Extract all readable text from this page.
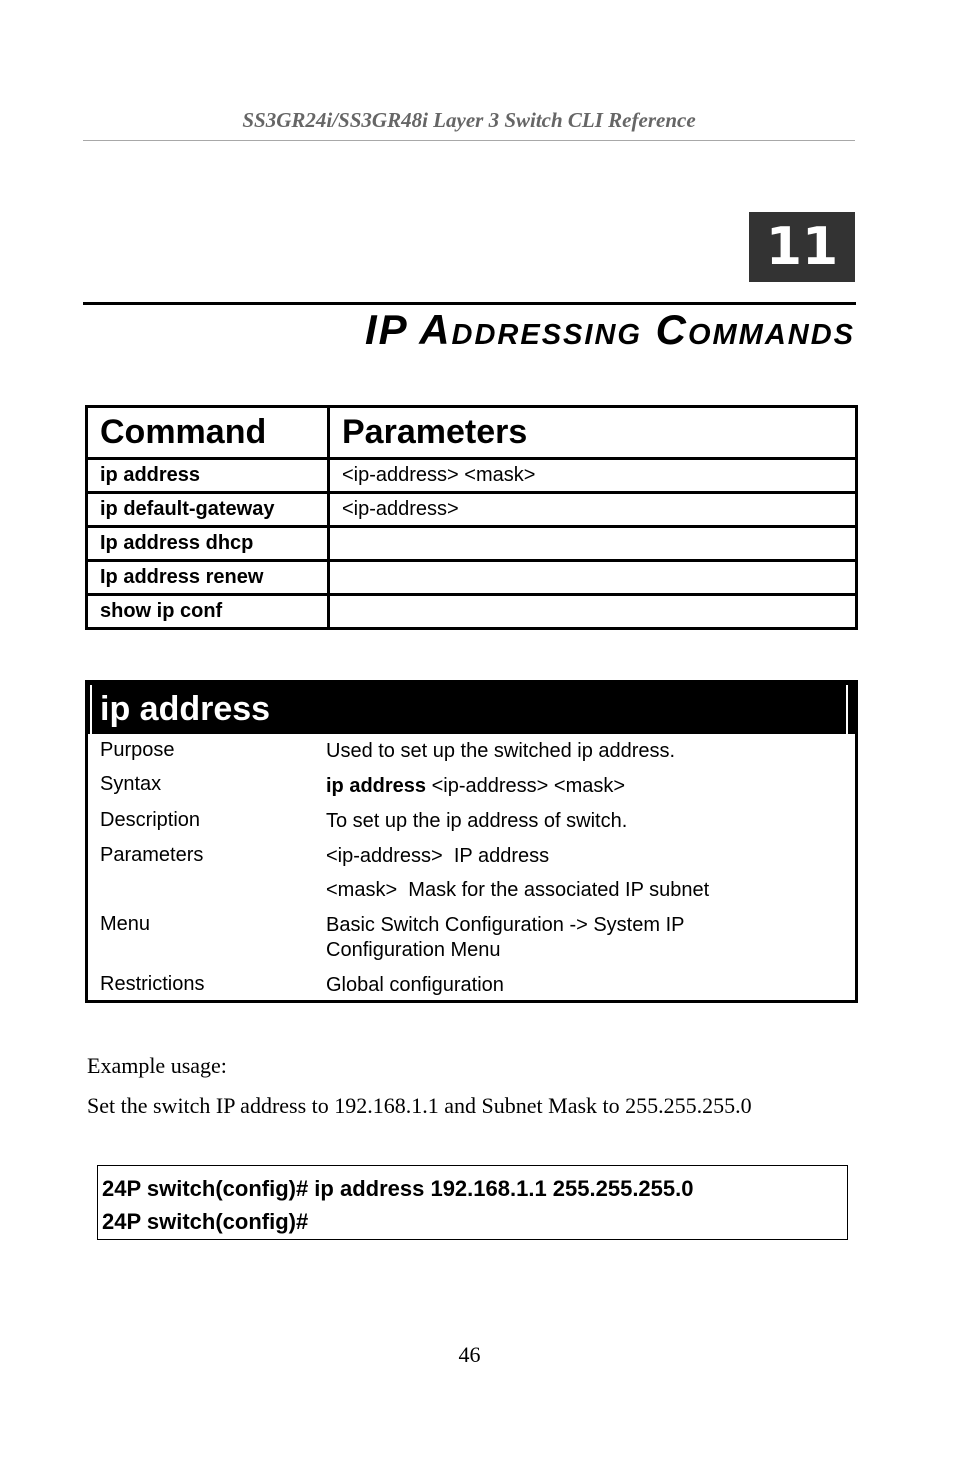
SS3GR24i/SS3GR48i Layer 3 Switch CLI Reference
11
IP Addressing Commands
Command	Parameters
ip address	<ip-address> <mask>
ip default-gateway	<ip-address>
Ip address dhcp	
Ip address renew	
show ip conf	
ip address
Purpose	Used to set up the switched ip address.
Syntax	ip address <ip-address> <mask>
Description	To set up the ip address of switch.
Parameters	<ip-address> IP address
<mask> Mask for the associated IP subnet
Menu	Basic Switch Configuration -> System IP
Configuration Menu
Restrictions	Global configuration
Example usage:
Set the switch IP address to 192.168.1.1 and Subnet Mask to 255.255.255.0
24P switch(config)# ip address 192.168.1.1 255.255.255.0
24P switch(config)#
46
